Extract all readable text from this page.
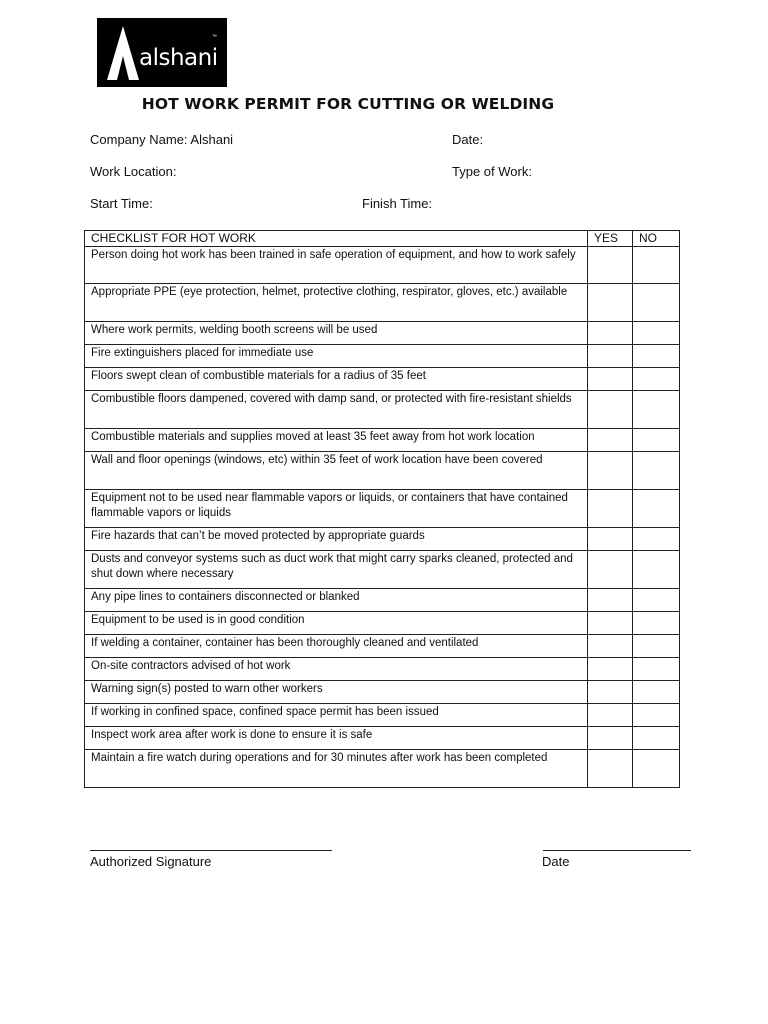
alshani
™
HOT WORK PERMIT FOR CUTTING OR WELDING
Company Name: Alshani	Date:
Work Location:	Type of Work:
Start Time:	Finish Time:
CHECKLIST FOR HOT WORK	YES	NO
Person doing hot work has been trained in safe operation of equipment, and how to work safely		
Appropriate PPE (eye protection, helmet, protective clothing, respirator, gloves, etc.) available		
Where work permits, welding booth screens will be used		
Fire extinguishers placed for immediate use		
Floors swept clean of combustible materials for a radius of 35 feet		
Combustible floors dampened, covered with damp sand, or protected with fire-resistant shields		
Combustible materials and supplies moved at least 35 feet away from hot work location		
Wall and floor openings (windows, etc) within 35 feet of work location have been covered		
Equipment not to be used near flammable vapors or liquids, or containers that have contained flammable vapors or liquids		
Fire hazards that can’t be moved protected by appropriate guards		
Dusts and conveyor systems such as duct work that might carry sparks cleaned, protected and shut down where necessary		
Any pipe lines to containers disconnected or blanked		
Equipment to be used is in good condition		
If welding a container, container has been thoroughly cleaned and ventilated		
On-site contractors advised of hot work		
Warning sign(s) posted to warn other workers		
If working in confined space, confined space permit has been issued		
Inspect work area after work is done to ensure it is safe		
Maintain a fire watch during operations and for 30 minutes after work has been completed		
Authorized Signature	Date
